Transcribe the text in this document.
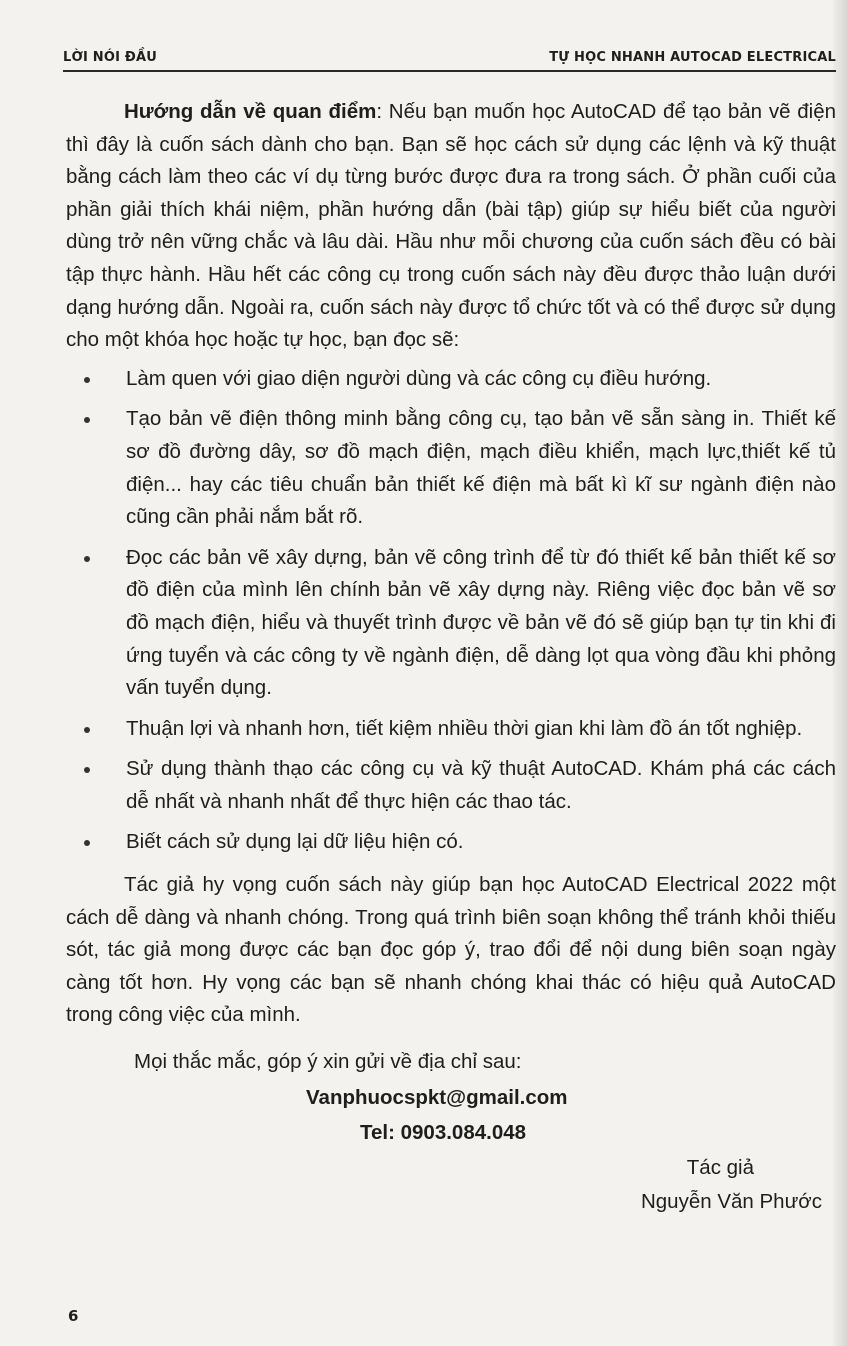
LỜI NÓI ĐẦU	TỰ HỌC NHANH AUTOCAD ELECTRICAL

Hướng dẫn về quan điểm: Nếu bạn muốn học AutoCAD để tạo bản vẽ điện thì đây là cuốn sách dành cho bạn. Bạn sẽ học cách sử dụng các lệnh và kỹ thuật bằng cách làm theo các ví dụ từng bước được đưa ra trong sách. Ở phần cuối của phần giải thích khái niệm, phần hướng dẫn (bài tập) giúp sự hiểu biết của người dùng trở nên vững chắc và lâu dài. Hầu như mỗi chương của cuốn sách đều có bài tập thực hành. Hầu hết các công cụ trong cuốn sách này đều được thảo luận dưới dạng hướng dẫn. Ngoài ra, cuốn sách này được tổ chức tốt và có thể được sử dụng cho một khóa học hoặc tự học, bạn đọc sẽ:

Làm quen với giao diện người dùng và các công cụ điều hướng.
Tạo bản vẽ điện thông minh bằng công cụ, tạo bản vẽ sẵn sàng in. Thiết kế sơ đồ đường dây, sơ đồ mạch điện, mạch điều khiển, mạch lực,thiết kế tủ điện... hay các tiêu chuẩn bản thiết kế điện mà bất kì kĩ sư ngành điện nào cũng cần phải nắm bắt rõ.
Đọc các bản vẽ xây dựng, bản vẽ công trình để từ đó thiết kế bản thiết kế sơ đồ điện của mình lên chính bản vẽ xây dựng này. Riêng việc đọc bản vẽ sơ đồ mạch điện, hiểu và thuyết trình được về bản vẽ đó sẽ giúp bạn tự tin khi đi ứng tuyển và các công ty về ngành điện, dễ dàng lọt qua vòng đầu khi phỏng vấn tuyển dụng.
Thuận lợi và nhanh hơn, tiết kiệm nhiều thời gian khi làm đồ án tốt nghiệp.
Sử dụng thành thạo các công cụ và kỹ thuật AutoCAD. Khám phá các cách dễ nhất và nhanh nhất để thực hiện các thao tác.
Biết cách sử dụng lại dữ liệu hiện có.

Tác giả hy vọng cuốn sách này giúp bạn học AutoCAD Electrical 2022 một cách dễ dàng và nhanh chóng. Trong quá trình biên soạn không thể tránh khỏi thiếu sót, tác giả mong được các bạn đọc góp ý, trao đổi để nội dung biên soạn ngày càng tốt hơn. Hy vọng các bạn sẽ nhanh chóng khai thác có hiệu quả AutoCAD trong công việc của mình.

Mọi thắc mắc, góp ý xin gửi về địa chỉ sau:

Vanphuocspkt@gmail.com

Tel: 0903.084.048

Tác giả

Nguyễn Văn Phước

6
